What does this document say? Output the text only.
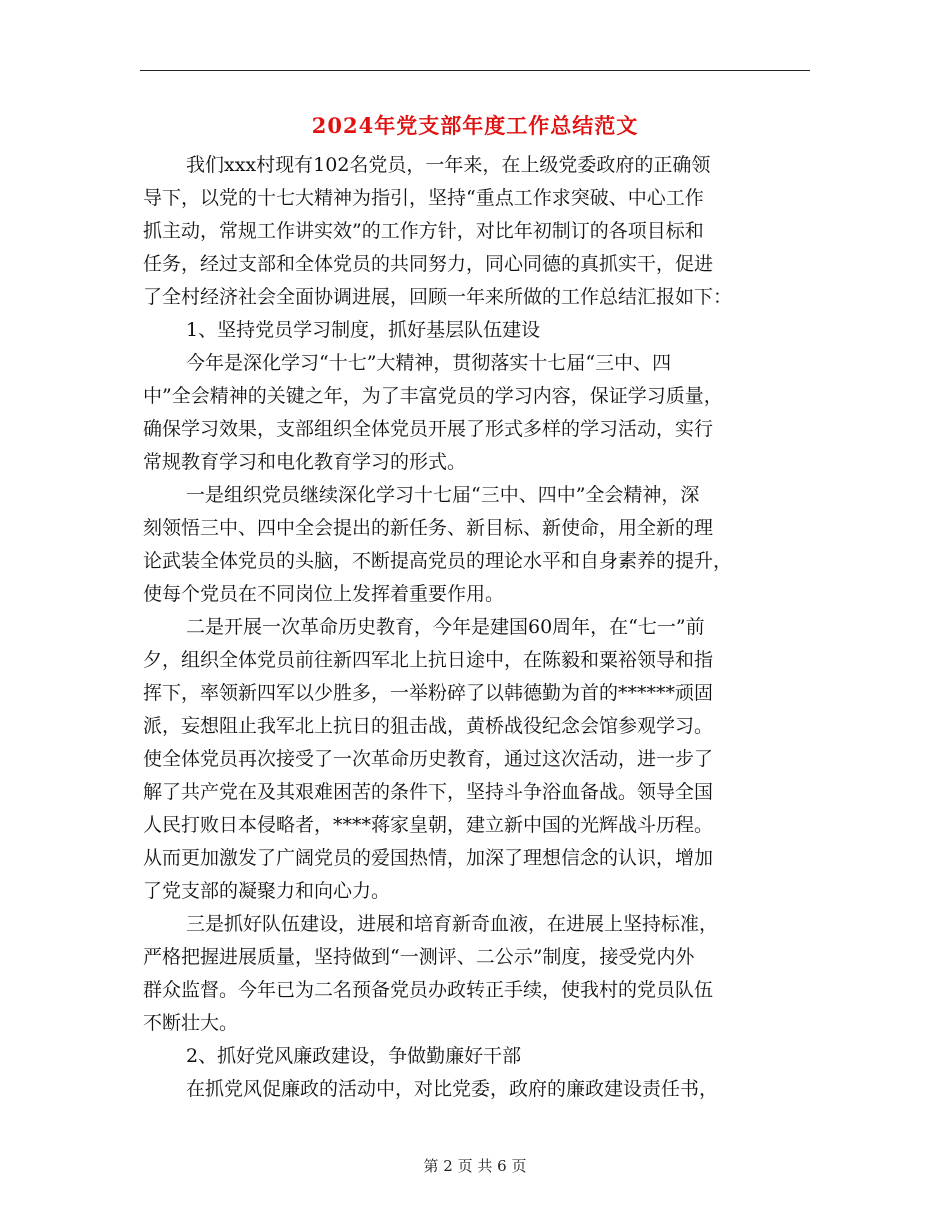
2024年党支部年度工作总结范文
我们xxx村现有102名党员，一年来，在上级党委政府的正确领
导下，以党的十七大精神为指引，坚持“重点工作求突破、中心工作
抓主动，常规工作讲实效”的工作方针，对比年初制订的各项目标和
任务，经过支部和全体党员的共同努力，同心同德的真抓实干，促进
了全村经济社会全面协调进展，回顾一年来所做的工作总结汇报如下：
1、坚持党员学习制度，抓好基层队伍建设
今年是深化学习“十七”大精神，贯彻落实十七届“三中、四
中”全会精神的关键之年，为了丰富党员的学习内容，保证学习质量，
确保学习效果，支部组织全体党员开展了形式多样的学习活动，实行
常规教育学习和电化教育学习的形式。
一是组织党员继续深化学习十七届“三中、四中”全会精神，深
刻领悟三中、四中全会提出的新任务、新目标、新使命，用全新的理
论武装全体党员的头脑，不断提高党员的理论水平和自身素养的提升，
使每个党员在不同岗位上发挥着重要作用。
二是开展一次革命历史教育，今年是建国60周年，在“七一”前
夕，组织全体党员前往新四军北上抗日途中，在陈毅和粟裕领导和指
挥下，率领新四军以少胜多，一举粉碎了以韩德勤为首的******顽固
派，妄想阻止我军北上抗日的狙击战，黄桥战役纪念会馆参观学习。
使全体党员再次接受了一次革命历史教育，通过这次活动，进一步了
解了共产党在及其艰难困苦的条件下，坚持斗争浴血备战。领导全国
人民打败日本侵略者，****蒋家皇朝，建立新中国的光辉战斗历程。
从而更加激发了广阔党员的爱国热情，加深了理想信念的认识，增加
了党支部的凝聚力和向心力。
三是抓好队伍建设，进展和培育新奇血液，在进展上坚持标准，
严格把握进展质量，坚持做到“一测评、二公示”制度，接受党内外
群众监督。今年已为二名预备党员办政转正手续，使我村的党员队伍
不断壮大。
2、抓好党风廉政建设，争做勤廉好干部
在抓党风促廉政的活动中，对比党委，政府的廉政建设责任书，
第 2 页 共 6 页
